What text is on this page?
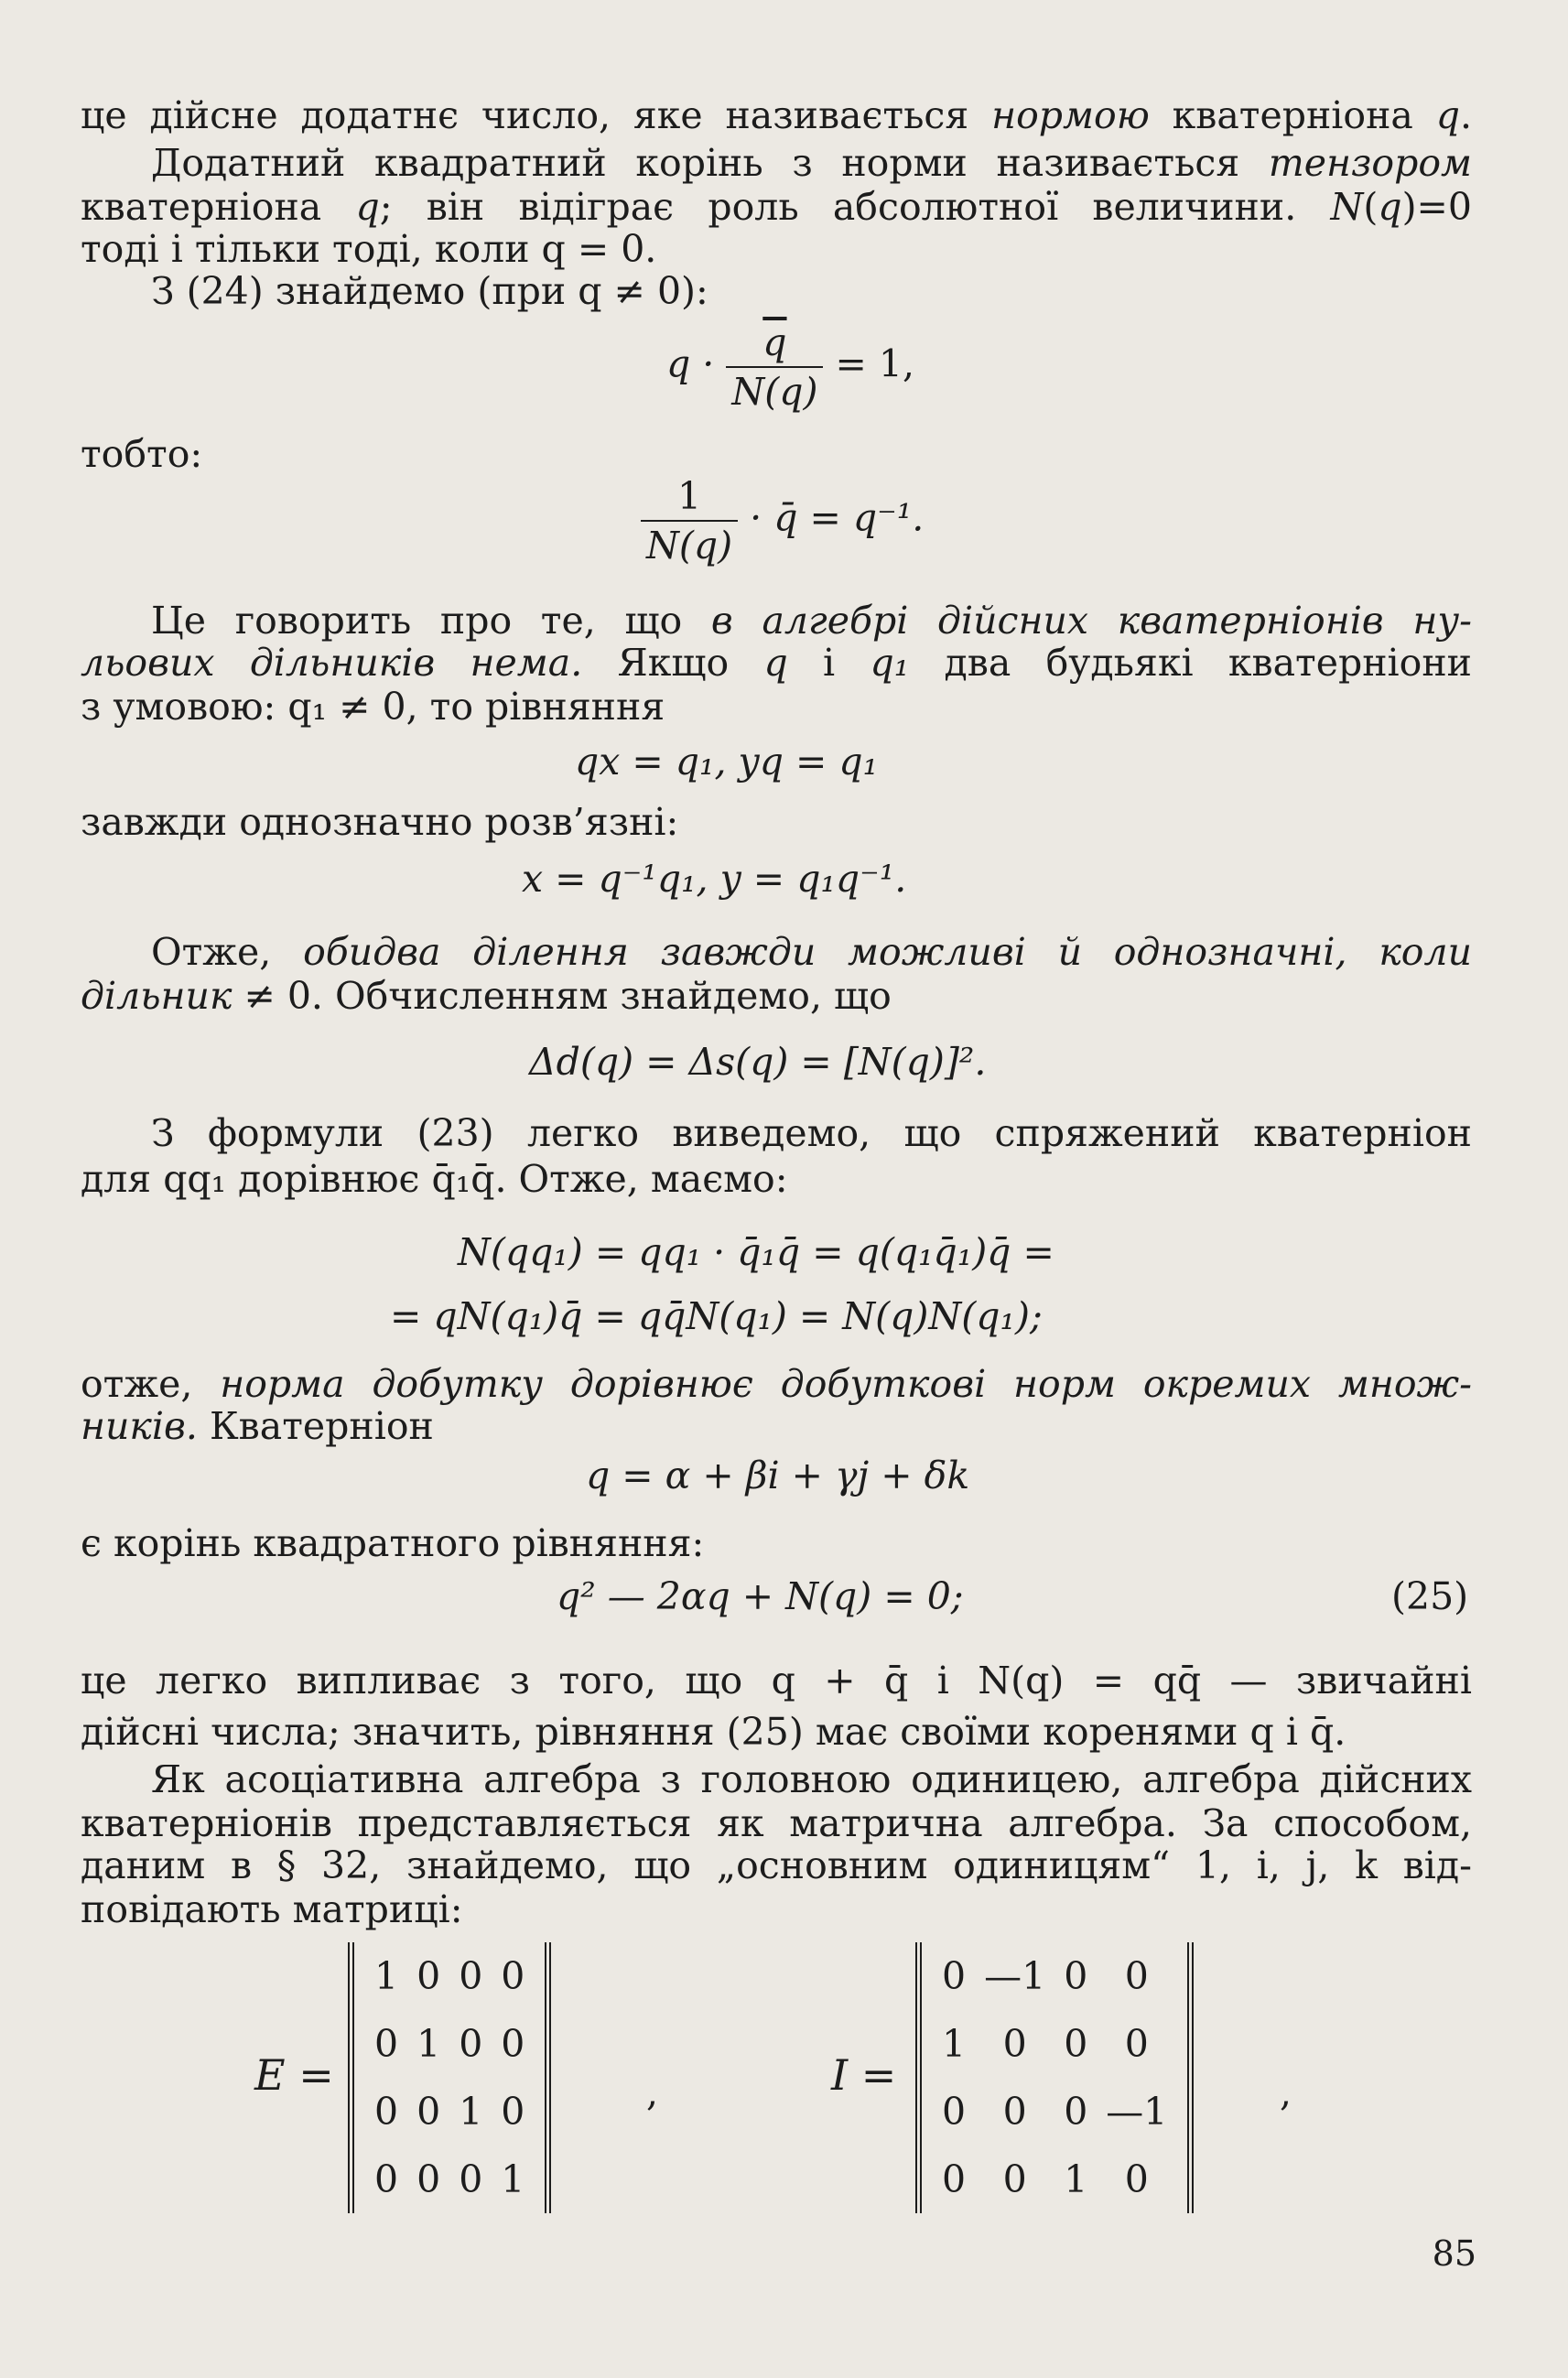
це дійсне додатнє число, яке називається нормою кватерніона q.
Додатний квадратний корінь з норми називається тензором
кватерніона q; він відіграє роль абсолютної величини. N(q)=0
тоді і тільки тоді, коли q = 0.
З (24) знайдемо (при q ≠ 0):
$q \cdot \frac{\overline{q}}{N(q)} = 1$,
тобто:
$\frac{1}{N(q)}$ · q̄ = q⁻¹.
Це говорить про те, що в алгебрі дійсних кватерніонів ну-
льових дільників нема. Якщо q і q₁ два будьякі кватерніони
з умовою: q₁ ≠ 0, то рівняння
qx = q₁, yq = q₁
завжди однозначно розв’язні:
x = q⁻¹q₁, y = q₁q⁻¹.
Отже, обидва ділення завжди можливі й однозначні, коли
дільник ≠ 0. Обчисленням знайдемо, що
Δd(q) = Δs(q) = [N(q)]².
З формули (23) легко виведемо, що спряжений кватерніон
для qq₁ дорівнює q̄₁q̄. Отже, маємо:
N(qq₁) = qq₁ · q̄₁q̄ = q(q₁q̄₁)q̄ =
= qN(q₁)q̄ = qq̄N(q₁) = N(q)N(q₁);
отже, норма добутку дорівнює добуткові норм окремих множ-
ників. Кватерніон
q = α + βi + γj + δk
є корінь квадратного рівняння:
q² — 2αq + N(q) = 0;	(25)
це легко випливає з того, що q + q̄ і N(q) = qq̄ — звичайні
дійсні числа; значить, рівняння (25) має своїми коренями q і q̄.
Як асоціативна алгебра з головною одиницею, алгебра дійсних
кватерніонів представляється як матрична алгебра. За способом,
даним в § 32, знайдемо, що „основним одиницям“ 1, i, j, k від-
повідають матриці:
E =
1	0	0	0
0	1	0	0
0	0	1	0
0	0	0	1
,	I =
0	—1	0	0
1	0	0	0
0	0	0	—1
0	0	1	0
,
85
